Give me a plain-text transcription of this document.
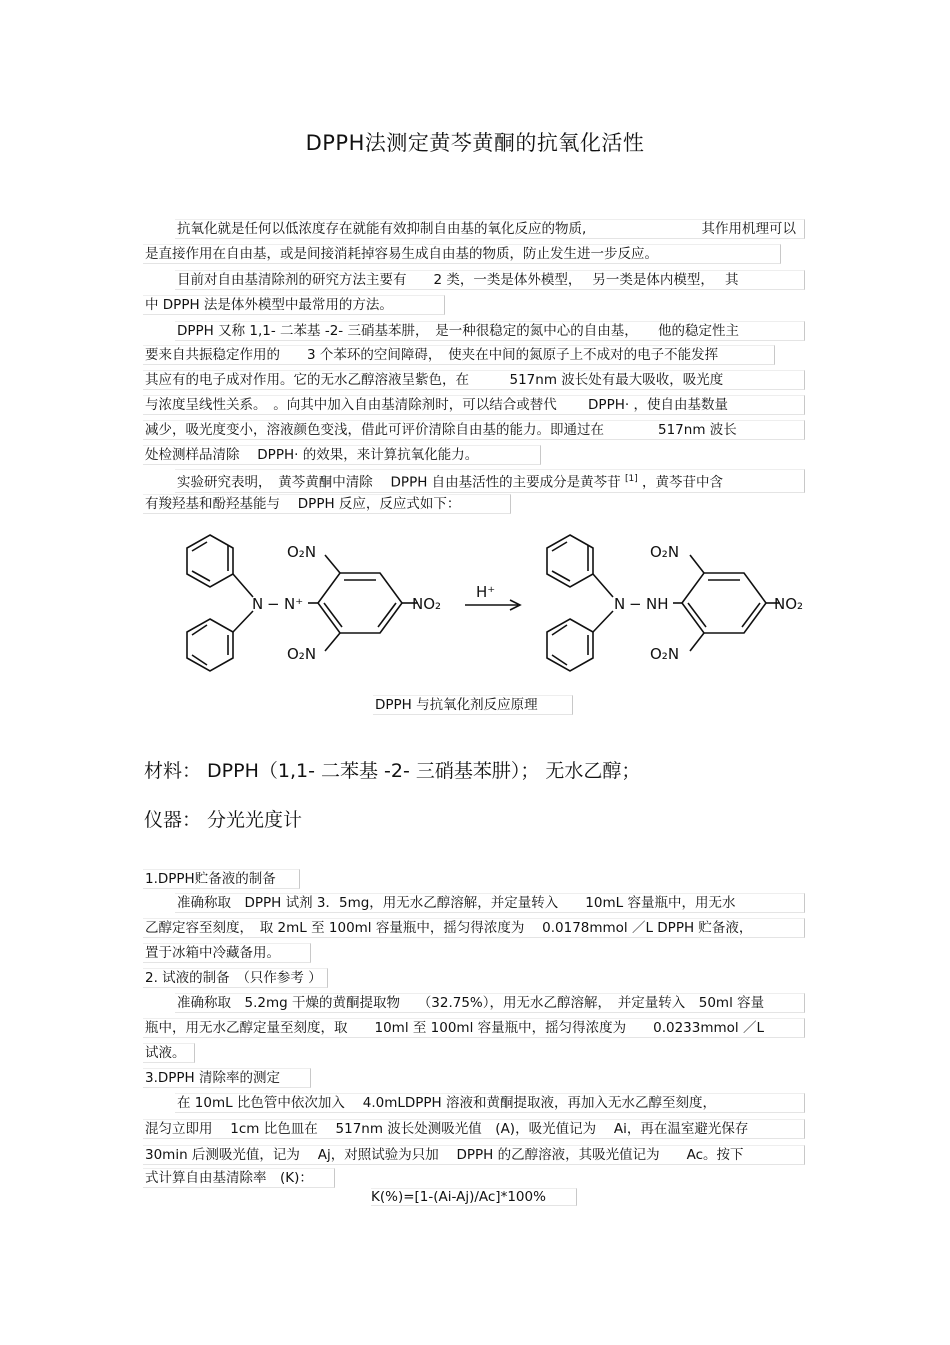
DPPH法测定黄芩黄酮的抗氧化活性
抗氧化就是任何以低浓度存在就能有效抑制自由基的氧化反应的物质,	其作用机理可以
是直接作用在自由基，或是间接消耗掉容易生成自由基的物质，防止发生进一步反应。
目前对自由基清除剂的研究方法主要有　　2 类，一类是体外模型，　 另一类是体内模型，　 其
中 DPPH 法是体外模型中最常用的方法。
DPPH 又称 1,1- 二苯基 -2- 三硝基苯肼，　是一种很稳定的氮中心的自由基，　　他的稳定性主
要来自共振稳定作用的　　3 个苯环的空间障碍，　使夹在中间的氮原子上不成对的电子不能发挥
其应有的电子成对作用。它的无水乙醇溶液呈紫色，在　　　517nm 波长处有最大吸收，吸光度
与浓度呈线性关系。　。向其中加入自由基清除剂时，可以结合或替代　　 DPPH· ，使自由基数量
减少，吸光度变小，溶液颜色变浅，借此可评价清除自由基的能力。即通过在　　　　517nm 波长
处检测样品清除　 DPPH· 的效果，来计算抗氧化能力。
实验研究表明，　黄芩黄酮中清除　 DPPH 自由基活性的主要成分是黄芩苷 [1] ，黄芩苷中含
有羧羟基和酚羟基能与　 DPPH 反应，反应式如下：
O₂N
O₂N
NO₂
N − N⁺
H⁺
O₂N
O₂N
NO₂
N − NH
DPPH 与抗氧化剂反应原理
材料： DPPH（1,1- 二苯基 -2- 三硝基苯肼）； 无水乙醇；
仪器： 分光光度计
1.DPPH贮备液的制备
准确称取　DPPH 试剂 3．5mg，用无水乙醇溶解，并定量转入　　10mL 容量瓶中，用无水
乙醇定容至刻度，　取 2mL 至 100ml 容量瓶中，摇匀得浓度为　 0.0178mmol ／L DPPH 贮备液，
置于冰箱中冷藏备用。
2. 试液的制备　（只作参考 ）
准确称取　5.2mg 干燥的黄酮提取物　 （32.75%），用无水乙醇溶解，　并定量转入　50ml 容量
瓶中，用无水乙醇定量至刻度，取　　10ml 至 100ml 容量瓶中，摇匀得浓度为　　0.0233mmol ／L
试液。
3.DPPH 清除率的测定
在 10mL 比色管中依次加入　 4.0mLDPPH 溶液和黄酮提取液，再加入无水乙醇至刻度，
混匀立即用　 1cm 比色皿在　 517nm 波长处测吸光值　(A)，吸光值记为　 Ai，再在温室避光保存
30min 后测吸光值，记为　 Aj，对照试验为只加　 DPPH 的乙醇溶液，其吸光值记为　　Ac。按下
式计算自由基清除率　(K)：
K(%)=[1-(Ai-Aj)/Ac]*100%
